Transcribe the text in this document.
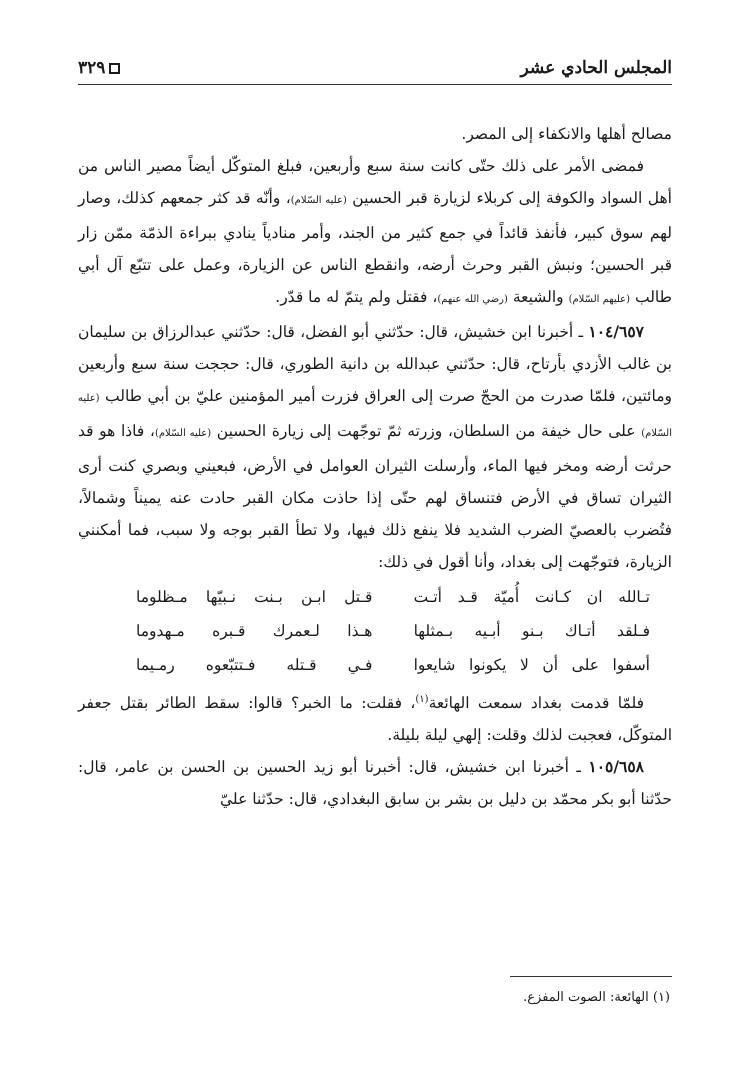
المجلس الحادي عشر
٣٢٩

مصالح أهلها والانكفاء إلى المصر.

فمضى الأمر على ذلك حتّى كانت سنة سبع وأربعين، فبلغ المتوكّل أيضاً مصير الناس من أهل السواد والكوفة إلى كربلاء لزيارة قبر الحسين (عليه السّلام)، وأنّه قد كثر جمعهم كذلك، وصار لهم سوق كبير، فأنفذ قائداً في جمع كثير من الجند، وأمر منادياً ينادي ببراءة الذمّة ممّن زار قبر الحسين؛ ونبش القبر وحرث أرضه، وانقطع الناس عن الزيارة، وعمل على تتبّع آل أبي طالب (عليهم السّلام) والشيعة (رضي الله عنهم)، فقتل ولم يتمّ له ما قدّر.

١٠٤/٦٥٧ ـ أخبرنا ابن خشيش، قال: حدّثني أبو الفضل، قال: حدّثني عبدالرزاق بن سليمان بن غالب الأزدي بأرتاح، قال: حدّثني عبدالله بن دانية الطوري، قال: حججت سنة سبع وأربعين ومائتين، فلمّا صدرت من الحجّ صرت إلى العراق فزرت أمير المؤمنين عليّ بن أبي طالب (عليه السّلام) على حال خيفة من السلطان، وزرته ثمّ توجّهت إلى زيارة الحسين (عليه السّلام)، فاذا هو قد حرثت أرضه ومخر فيها الماء، وأرسلت الثيران العوامل في الأرض، فبعيني وبصري كنت أرى الثيران تساق في الأرض فتنساق لهم حتّى إذا حاذت مكان القبر حادت عنه يميناً وشمالاً، فتُضرب بالعصيّ الضرب الشديد فلا ينفع ذلك فيها، ولا تطأ القبر بوجه ولا سبب، فما أمكنني الزيارة، فتوجّهت إلى بغداد، وأنا أقول في ذلك:

تـالله ان كـانت أُميّة قـد أتـت
قـتل ابـن بـنت نـبيّها مـظلوما
فـلقد أتـاك بـنو أبـيه بـمثلها
هـذا لـعمرك قـبره مـهدوما
أسفوا على أن لا يكونوا شايعوا
فـي قـتله فـتتبّعوه رمـيما

فلمّا قدمت بغداد سمعت الهائعة$^{(١)}$، فقلت: ما الخبر؟ قالوا: سقط الطائر بقتل جعفر المتوكّل، فعجبت لذلك وقلت: إلهي ليلة بليلة.

١٠٥/٦٥٨ ـ أخبرنا ابن خشيش، قال: أخبرنا أبو زيد الحسين بن الحسن بن عامر، قال: حدّثنا أبو بكر محمّد بن دليل بن بشر بن سابق البغدادي، قال: حدّثنا عليّ

(١) الهائعة: الصوت المفزع.
